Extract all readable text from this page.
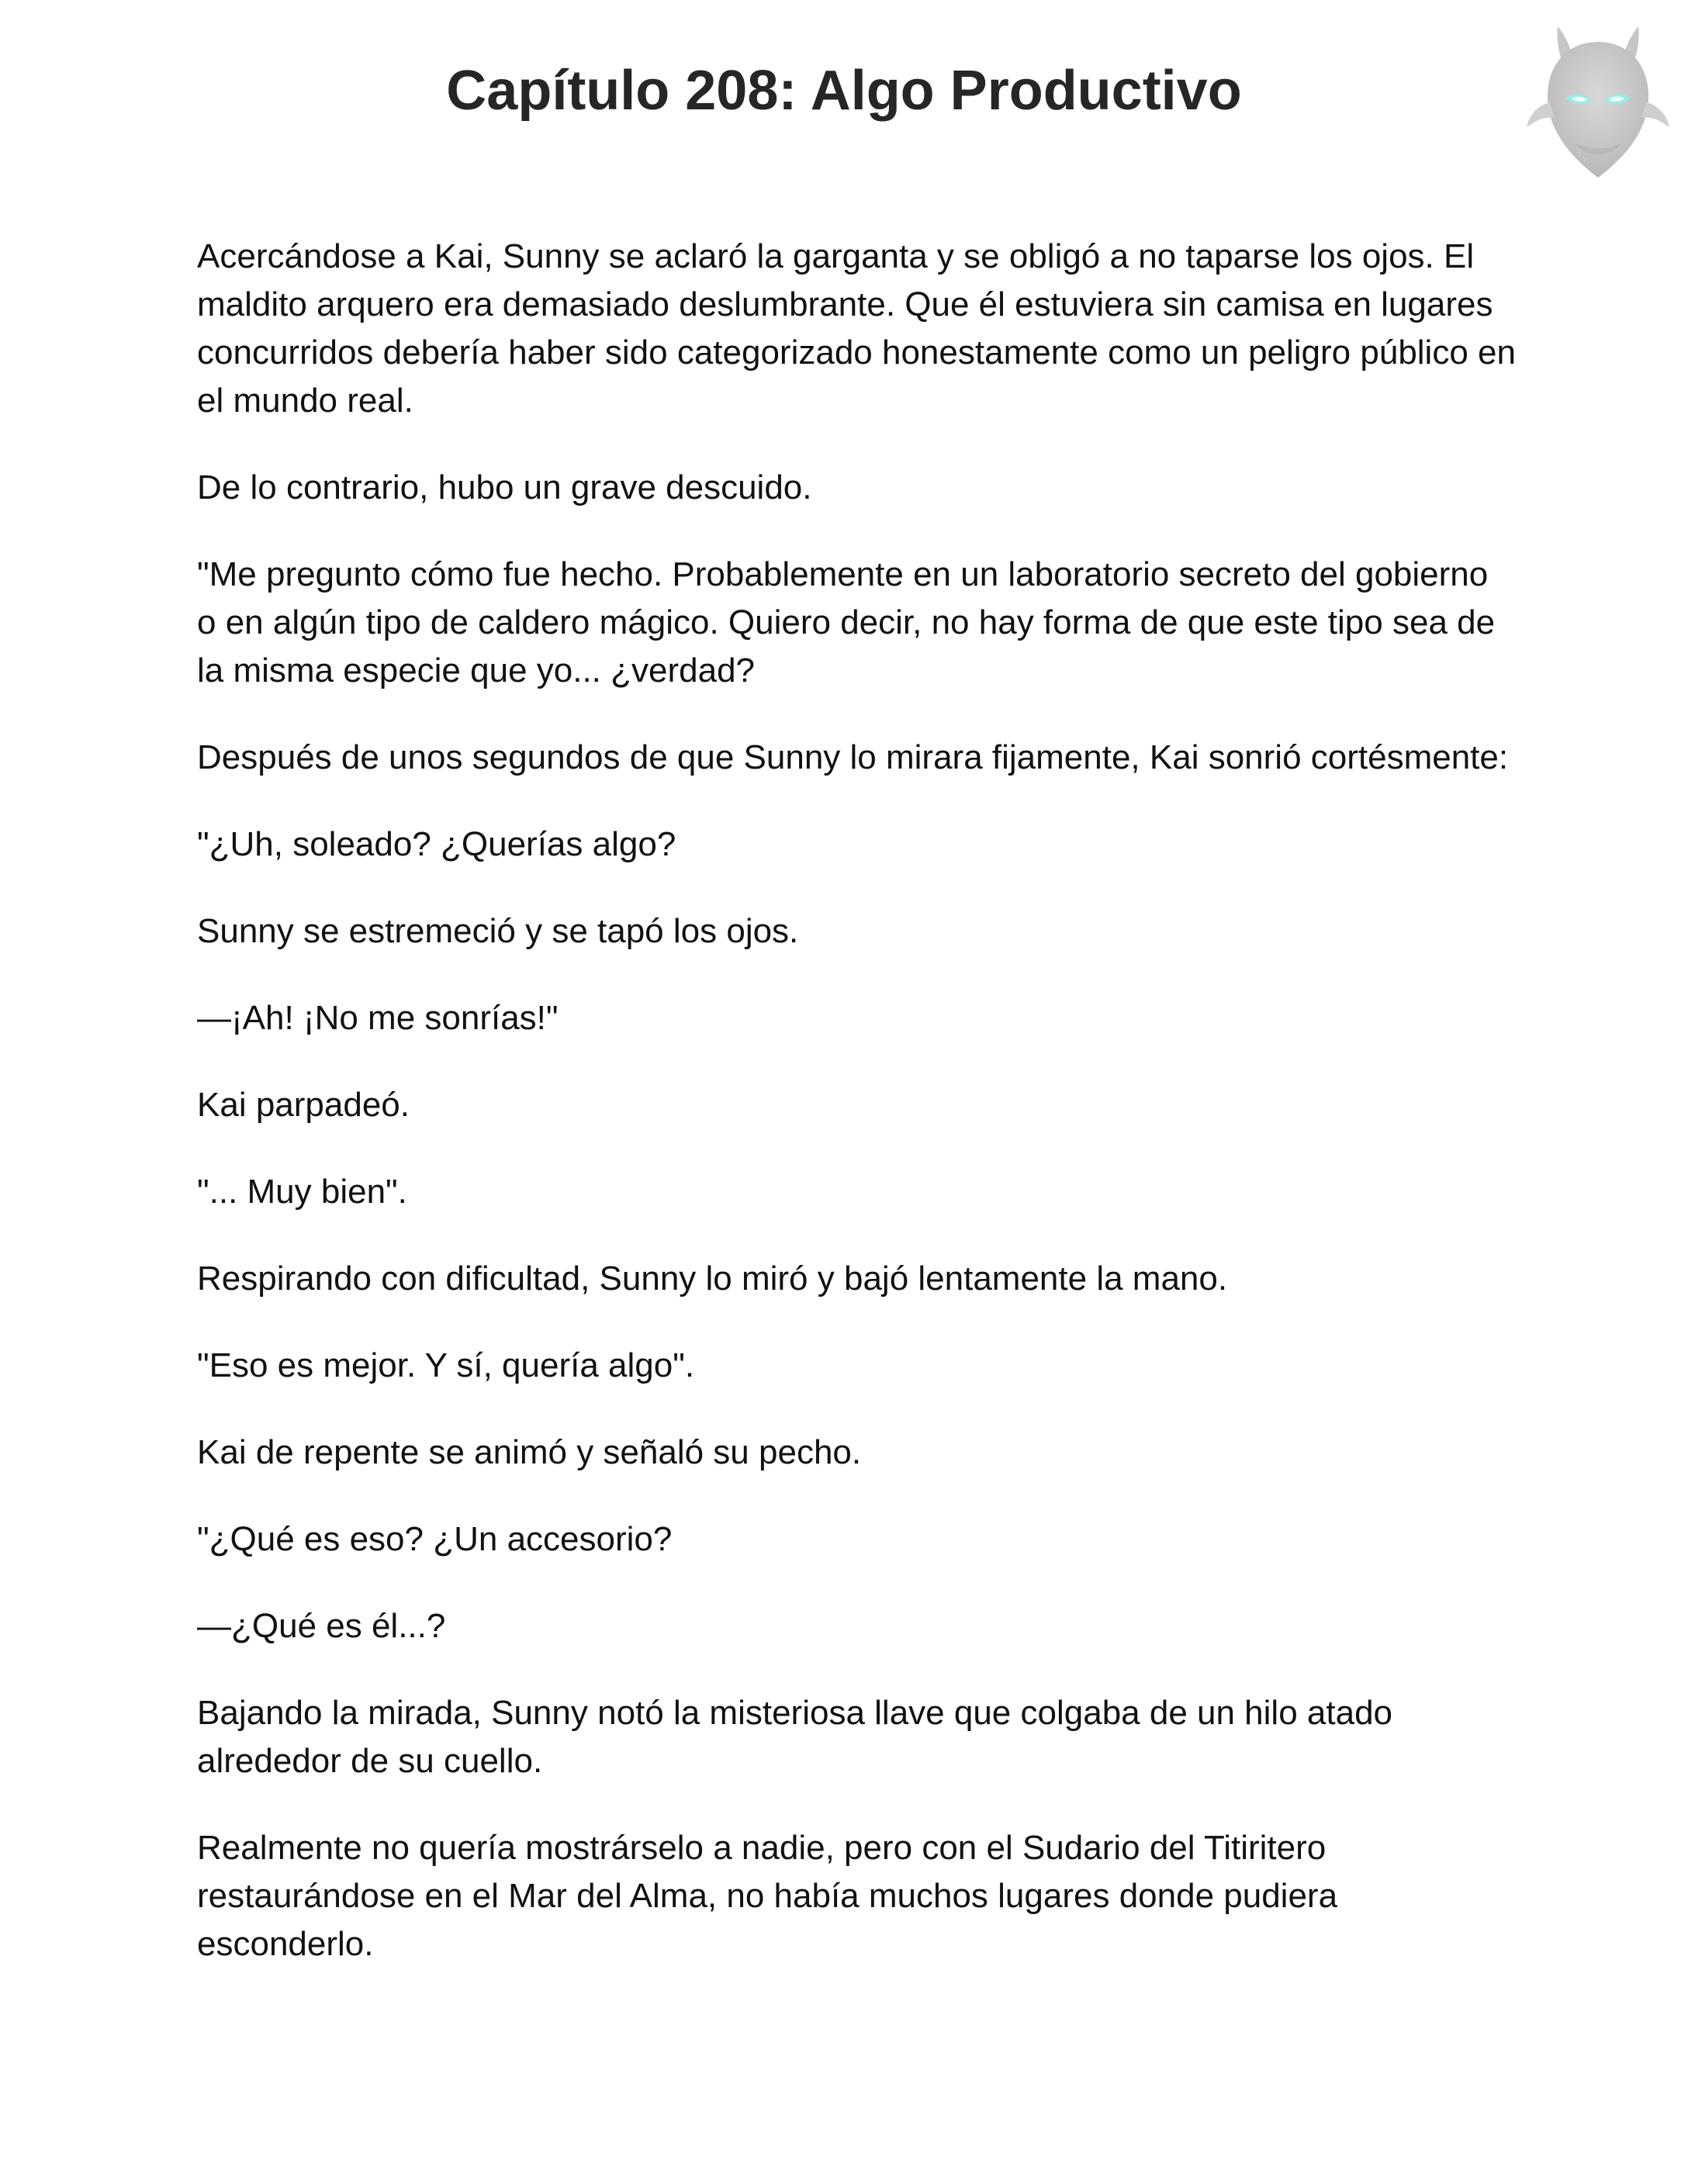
Capítulo 208: Algo Productivo

Acercándose a Kai, Sunny se aclaró la garganta y se obligó a no taparse los ojos. El maldito arquero era demasiado deslumbrante. Que él estuviera sin camisa en lugares concurridos debería haber sido categorizado honestamente como un peligro público en el mundo real.

De lo contrario, hubo un grave descuido.

"Me pregunto cómo fue hecho. Probablemente en un laboratorio secreto del gobierno o en algún tipo de caldero mágico. Quiero decir, no hay forma de que este tipo sea de la misma especie que yo... ¿verdad?

Después de unos segundos de que Sunny lo mirara fijamente, Kai sonrió cortésmente:

"¿Uh, soleado? ¿Querías algo?

Sunny se estremeció y se tapó los ojos.

—¡Ah! ¡No me sonrías!"

Kai parpadeó.

"... Muy bien".

Respirando con dificultad, Sunny lo miró y bajó lentamente la mano.

"Eso es mejor. Y sí, quería algo".

Kai de repente se animó y señaló su pecho.

"¿Qué es eso? ¿Un accesorio?

—¿Qué es él...?

Bajando la mirada, Sunny notó la misteriosa llave que colgaba de un hilo atado alrededor de su cuello.

Realmente no quería mostrárselo a nadie, pero con el Sudario del Titiritero restaurándose en el Mar del Alma, no había muchos lugares donde pudiera esconderlo.
